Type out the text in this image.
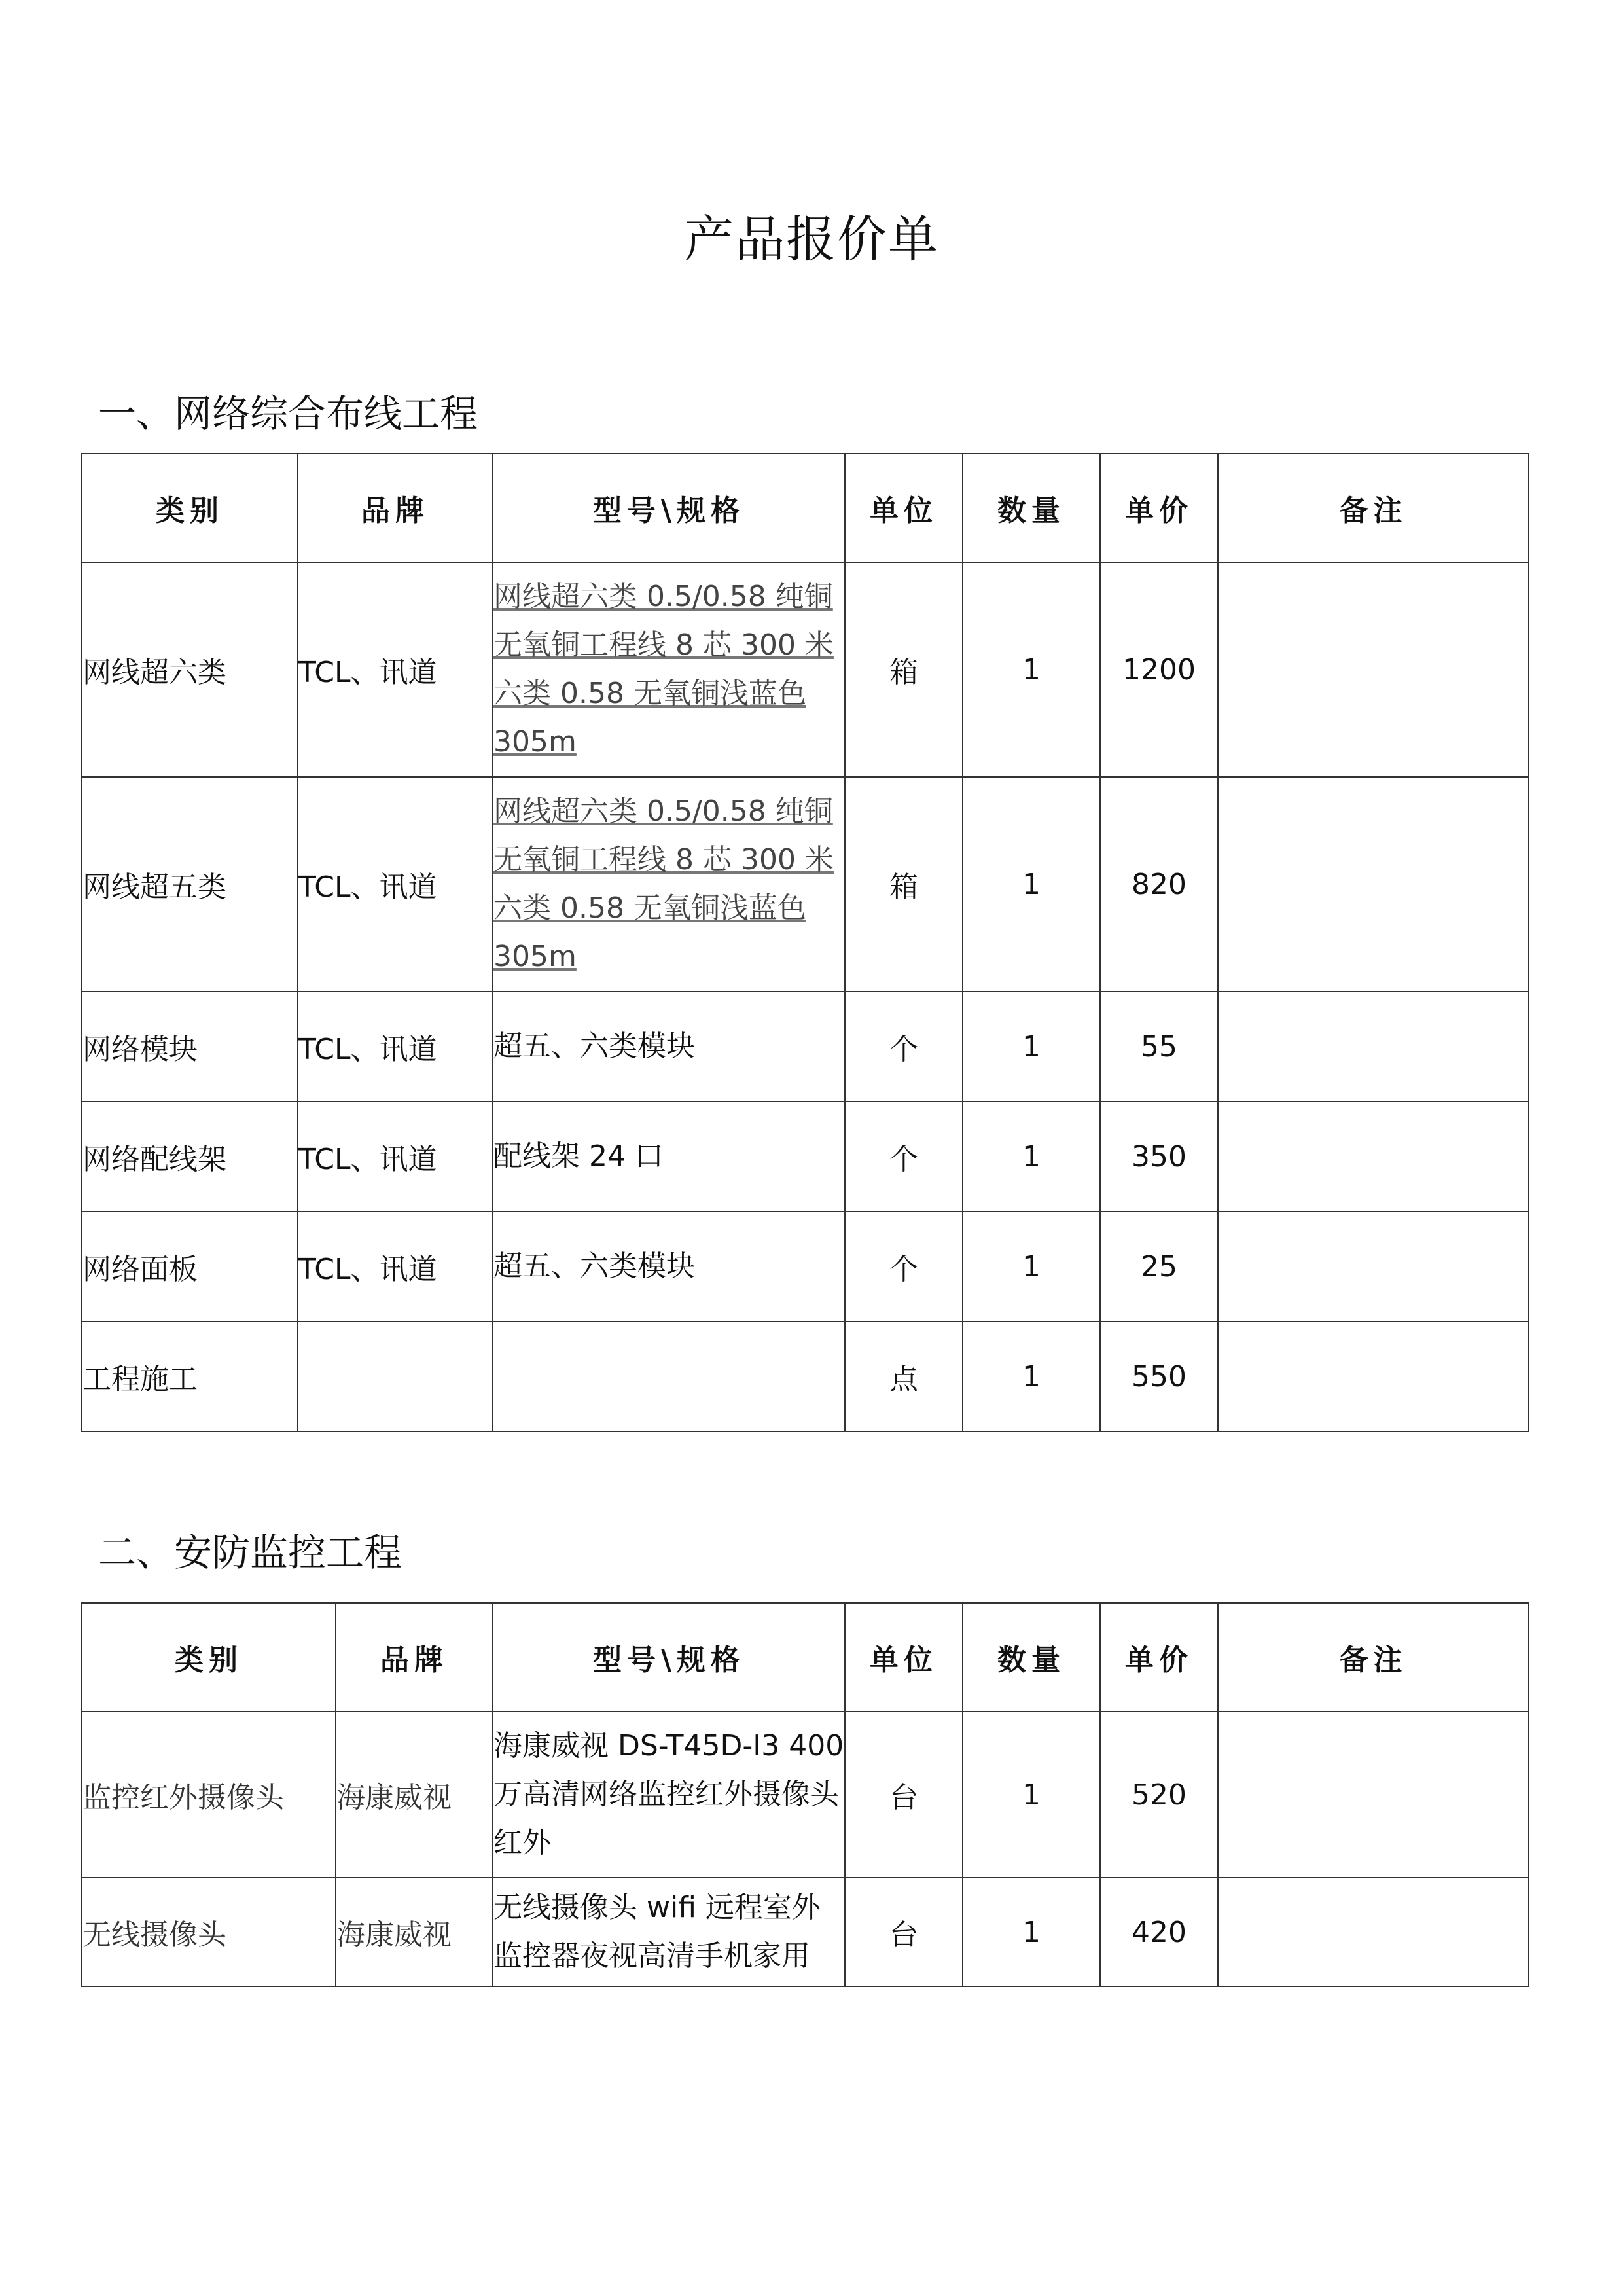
产品报价单
一、网络综合布线工程
类别	品牌	型号\规格	单位	数量	单价	备注
网线超六类	TCL、讯道	网线超六类 0.5/0.58 纯铜无氧铜工程线 8 芯 300 米六类 0.58 无氧铜浅蓝色 305m	箱	1	1200	
网线超五类	TCL、讯道	网线超六类 0.5/0.58 纯铜无氧铜工程线 8 芯 300 米六类 0.58 无氧铜浅蓝色 305m	箱	1	820	
网络模块	TCL、讯道	超五、六类模块	个	1	55	
网络配线架	TCL、讯道	配线架 24 口	个	1	350	
网络面板	TCL、讯道	超五、六类模块	个	1	25	
工程施工			点	1	550	
二、安防监控工程
类别	品牌	型号\规格	单位	数量	单价	备注
监控红外摄像头	海康威视	海康威视 DS-T45D-I3 400 万高清网络监控红外摄像头红外	台	1	520	
无线摄像头	海康威视	无线摄像头 wifi 远程室外监控器夜视高清手机家用	台	1	420	
